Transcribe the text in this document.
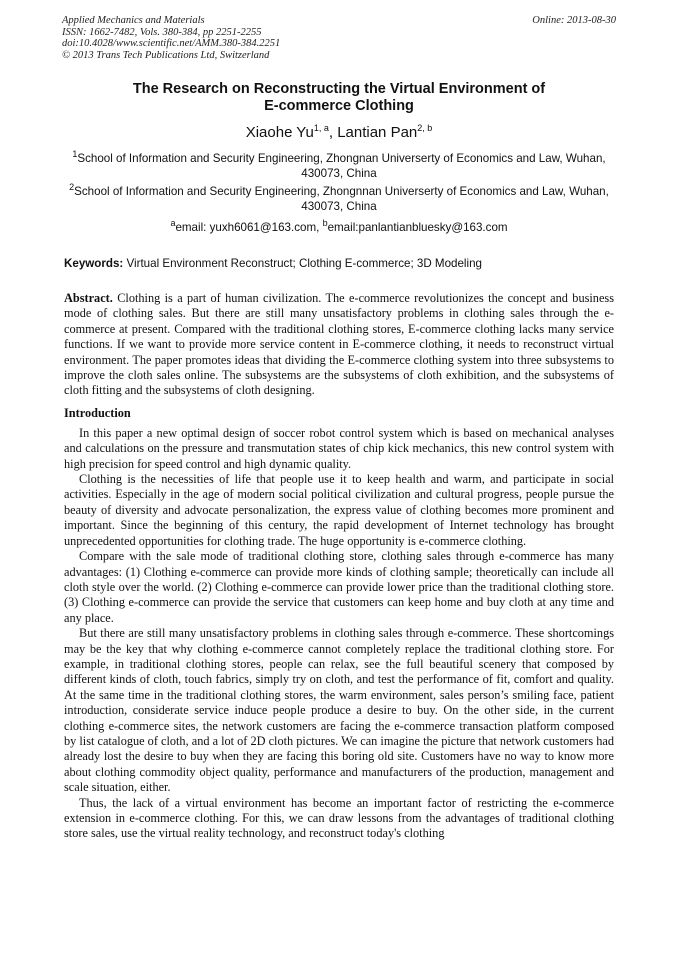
Applied Mechanics and Materials
ISSN: 1662-7482, Vols. 380-384, pp 2251-2255
doi:10.4028/www.scientific.net/AMM.380-384.2251
© 2013 Trans Tech Publications Ltd, Switzerland
Online: 2013-08-30
The Research on Reconstructing the Virtual Environment of
E-commerce Clothing
Xiaohe Yu$^{1, a}$, Lantian Pan$^{2, b}$
$^1$School of Information and Security Engineering, Zhongnan Universerty of Economics and Law, Wuhan, 430073, China
$^2$School of Information and Security Engineering, Zhongnnan Universerty of Economics and Law, Wuhan, 430073, China
$^a$email: yuxh6061@163.com, $^b$email:panlantianbluesky@163.com
Keywords: Virtual Environment Reconstruct; Clothing E-commerce; 3D Modeling

Abstract. Clothing is a part of human civilization. The e-commerce revolutionizes the concept and business mode of clothing sales. But there are still many unsatisfactory problems in clothing sales through the e-commerce at present. Compared with the traditional clothing stores, E-commerce clothing lacks many service functions. If we want to provide more service content in E-commerce clothing, it needs to reconstruct virtual environment. The paper promotes ideas that dividing the E-commerce clothing system into three subsystems to improve the cloth sales online. The subsystems are the subsystems of cloth exhibition, and the subsystems of cloth fitting and the subsystems of cloth designing.

Introduction

In this paper a new optimal design of soccer robot control system which is based on mechanical analyses and calculations on the pressure and transmutation states of chip kick mechanics, this new control system with high precision for speed control and high dynamic quality.

Clothing is the necessities of life that people use it to keep health and warm, and participate in social activities. Especially in the age of modern social political civilization and cultural progress, people pursue the beauty of diversity and advocate personalization, the express value of clothing becomes more prominent and important. Since the beginning of this century, the rapid development of Internet technology has brought unprecedented opportunities for clothing trade. The huge opportunity is e-commerce clothing.

Compare with the sale mode of traditional clothing store, clothing sales through e-commerce has many advantages: (1) Clothing e-commerce can provide more kinds of clothing sample; theoretically can include all cloth style over the world. (2) Clothing e-commerce can provide lower price than the traditional clothing store. (3) Clothing e-commerce can provide the service that customers can keep home and buy cloth at any time and any place.

But there are still many unsatisfactory problems in clothing sales through e-commerce. These shortcomings may be the key that why clothing e-commerce cannot completely replace the traditional clothing store. For example, in traditional clothing stores, people can relax, see the full beautiful scenery that composed by different kinds of cloth, touch fabrics, simply try on cloth, and test the performance of fit, comfort and quality. At the same time in the traditional clothing stores, the warm environment, sales person’s smiling face, patient introduction, considerate service induce people produce a desire to buy. On the other side, in the current clothing e-commerce sites, the network customers are facing the e-commerce transaction platform composed by list catalogue of cloth, and a lot of 2D cloth pictures. We can imagine the picture that network customers had already lost the desire to buy when they are facing this boring old site. Customers have no way to know more about clothing commodity object quality, performance and manufacturers of the production, management and scale situation, either.

Thus, the lack of a virtual environment has become an important factor of restricting the e-commerce extension in e-commerce clothing. For this, we can draw lessons from the advantages of traditional clothing store sales, use the virtual reality technology, and reconstruct today's clothing
